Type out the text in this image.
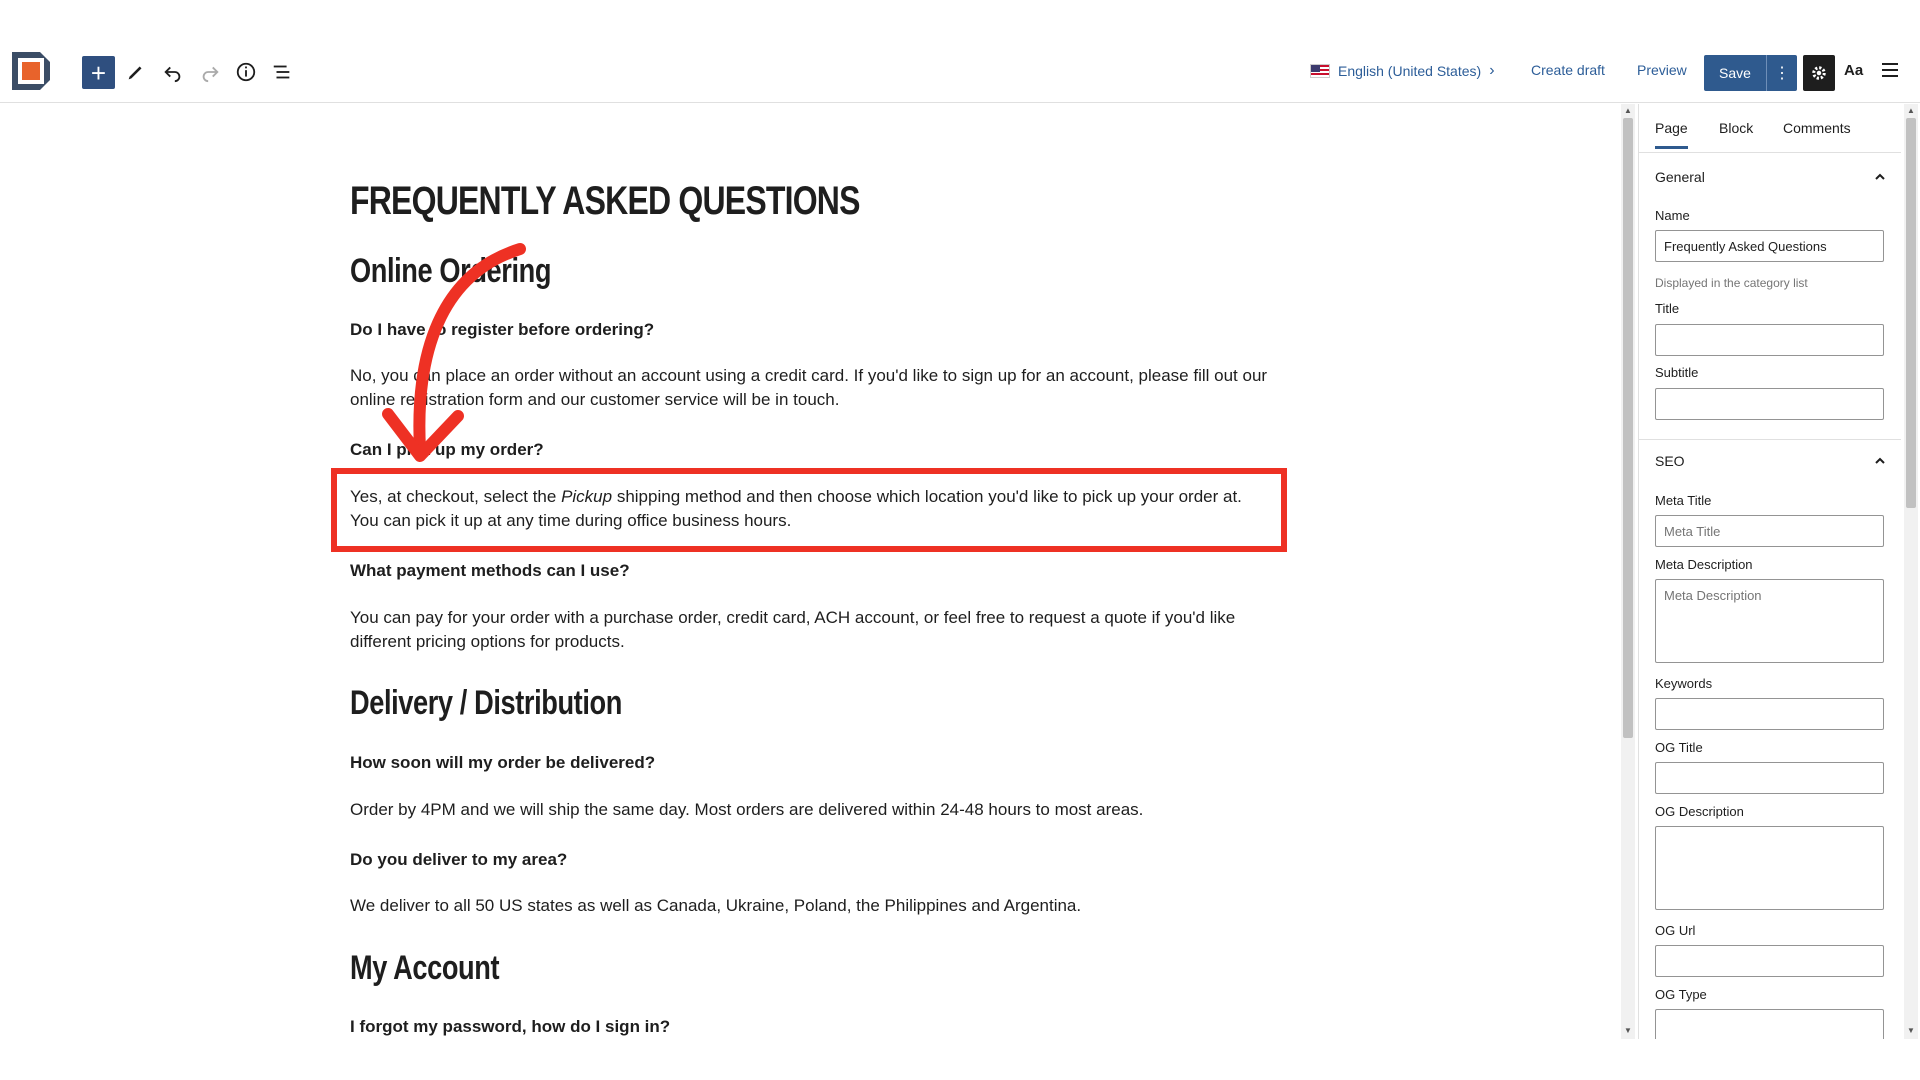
+	English (United States) ›	Create draft Preview	Save	⋮	Aa
FREQUENTLY ASKED QUESTIONS
Online Ordering

Do I have to register before ordering?

No, you can place an order without an account using a credit card. If you'd like to sign up for an account, please fill out our online registration form and our customer service will be in touch.

Can I pick up my order?

Yes, at checkout, select the Pickup shipping method and then choose which location you'd like to pick up your order at. You can pick it up at any time during office business hours.

What payment methods can I use?

You can pay for your order with a purchase order, credit card, ACH account, or feel free to request a quote if you'd like different pricing options for products.

Delivery / Distribution

How soon will my order be delivered?

Order by 4PM and we will ship the same day. Most orders are delivered within 24-48 hours to most areas.

Do you deliver to my area?

We deliver to all 50 US states as well as Canada, Ukraine, Poland, the Philippines and Argentina.

My Account

I forgot my password, how do I sign in?

▲
▼
Page Block Comments
General
Name
Frequently Asked Questions
Displayed in the category list
Title
Subtitle
SEO
Meta Title
Meta Title
Meta Description
Meta Description
Keywords
OG Title
OG Description
OG Url
OG Type
▲
▼
